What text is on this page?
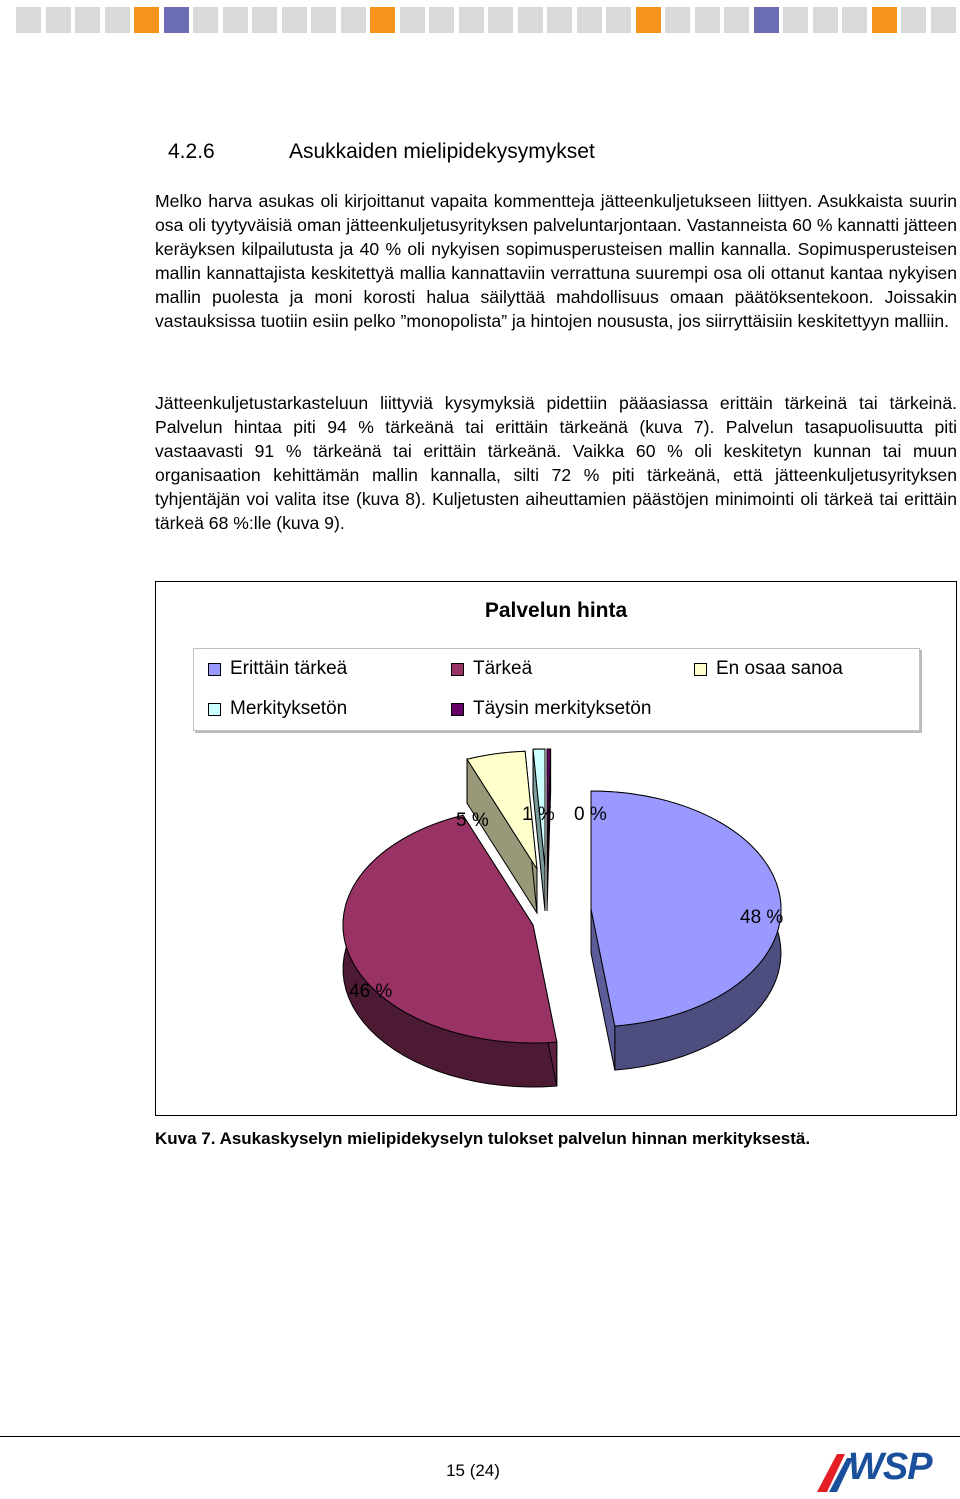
4.2.6	Asukkaiden mielipidekysymykset

Melko harva asukas oli kirjoittanut vapaita kommentteja jätteenkuljetukseen liittyen. Asukkaista suurin osa oli tyytyväisiä oman jätteenkuljetusyrityksen palveluntarjontaan. Vastanneista 60 % kannatti jätteen keräyksen kilpailutusta ja 40 % oli nykyisen sopimusperusteisen mallin kannalla. Sopimusperusteisen mallin kannattajista keskitettyä mallia kannattaviin verrattuna suurempi osa oli ottanut kantaa nykyisen mallin puolesta ja moni korosti halua säilyttää mahdollisuus omaan päätöksentekoon. Joissakin vastauksissa tuotiin esiin pelko ”monopolista” ja hintojen noususta, jos siirryttäisiin keskitettyyn malliin.

Jätteenkuljetustarkasteluun liittyviä kysymyksiä pidettiin pääasiassa erittäin tärkeinä tai tärkeinä. Palvelun hintaa piti 94 % tärkeänä tai erittäin tärkeänä (kuva 7). Palvelun tasapuolisuutta piti vastaavasti 91 % tärkeänä tai erittäin tärkeänä. Vaikka 60 % oli keskitetyn kunnan tai muun organisaation kehittämän mallin kannalla, silti 72 % piti tärkeänä, että jätteenkuljetusyrityksen tyhjentäjän voi valita itse (kuva 8). Kuljetusten aiheuttamien päästöjen minimointi oli tärkeä tai erittäin tärkeä 68 %:lle (kuva 9).

Palvelun hinta
Erittäin tärkeä	Tärkeä	En osaa sanoa
Merkityksetön	Täysin merkityksetön
48 %
46 %
5 % 1 % 0 %
Kuva 7. Asukaskyselyn mielipidekyselyn tulokset palvelun hinnan merkityksestä.
15 (24)	WSP
